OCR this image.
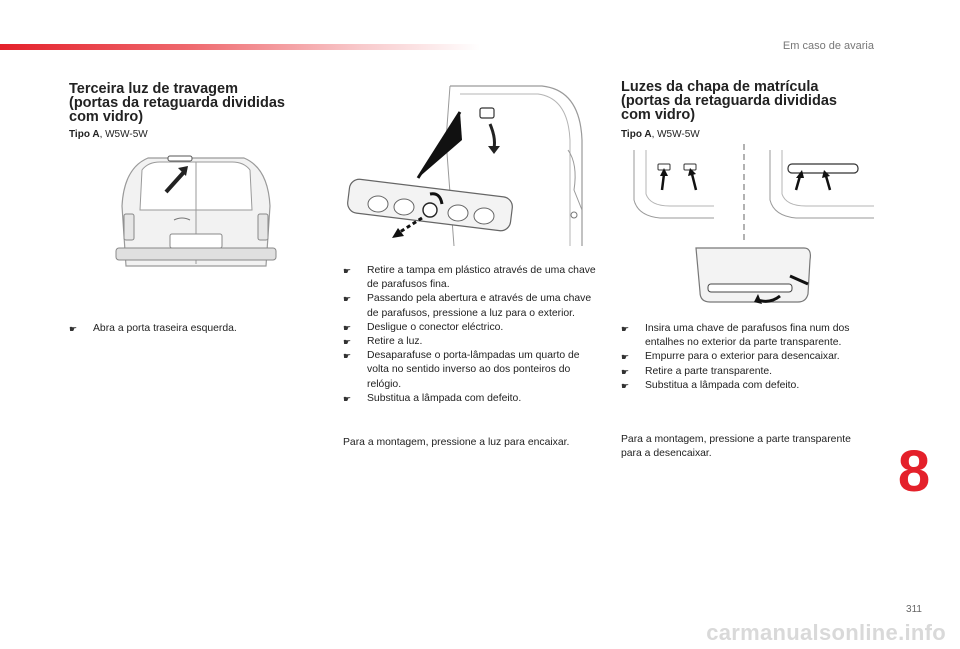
Em caso de avaria
Terceira luz de travagem
(portas da retaguarda divididas
com vidro)
Tipo A, W5W-5W
☛ Abra a porta traseira esquerda.
☛ Retire a tampa em plástico através de uma chave de parafusos fina.
☛ Passando pela abertura e através de uma chave de parafusos, pressione a luz para o exterior.
☛ Desligue o conector eléctrico.
☛ Retire a luz.
☛ Desaparafuse o porta-lâmpadas um quarto de volta no sentido inverso ao dos ponteiros do relógio.
☛ Substitua a lâmpada com defeito.
Para a montagem, pressione a luz para encaixar.
Luzes da chapa de matrícula
(portas da retaguarda divididas
com vidro)
Tipo A, W5W-5W
☛ Insira uma chave de parafusos fina num dos entalhes no exterior da parte transparente.
☛ Empurre para o exterior para desencaixar.
☛ Retire a parte transparente.
☛ Substitua a lâmpada com defeito.
Para a montagem, pressione a parte transparente para a desencaixar.	8
311
carmanualsonline.info
